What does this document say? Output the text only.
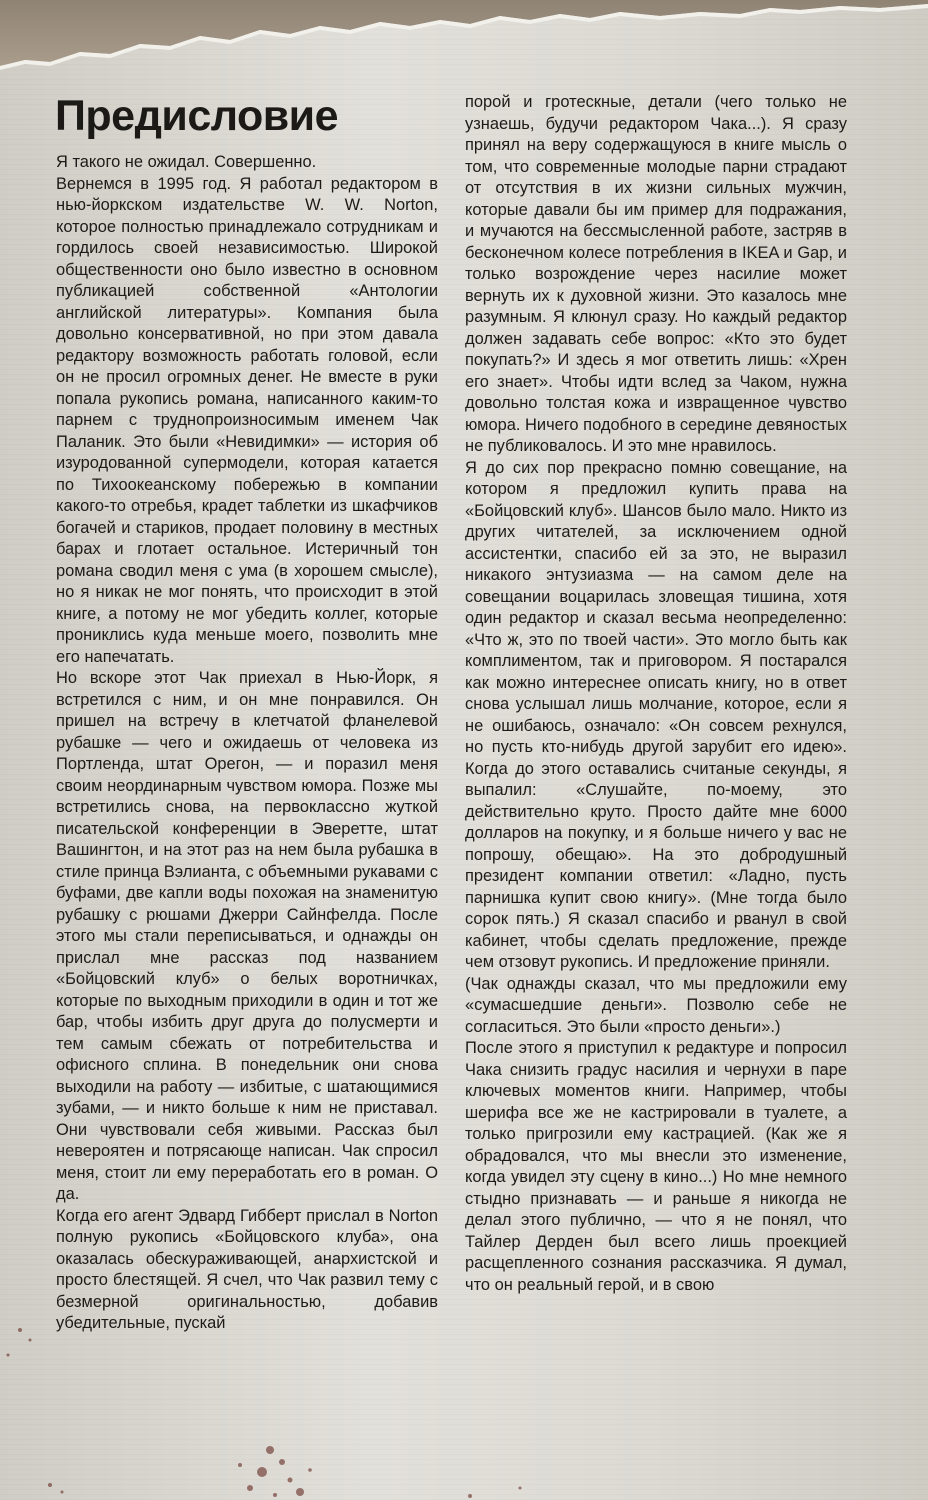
Предисловие

Я такого не ожидал. Совершенно.

Вернемся в 1995 год. Я работал редактором в нью-йоркском издательстве W. W. Norton, которое полностью принадлежало сотрудникам и гордилось своей независимостью. Широкой общественности оно было известно в основном публикацией собственной «Антологии английской литературы». Компания была довольно консервативной, но при этом давала редактору возможность работать головой, если он не просил огромных денег. Не вместе в руки попала рукопись романа, написанного каким-то парнем с труднопроизносимым именем Чак Паланик. Это были «Невидимки» — история об изуродованной супермодели, которая катается по Тихоокеанскому побережью в компании какого-то отребья, крадет таблетки из шкафчиков богачей и стариков, продает половину в местных барах и глотает остальное. Истеричный тон романа сводил меня с ума (в хорошем смысле), но я никак не мог понять, что происходит в этой книге, а потому не мог убедить коллег, которые прониклись куда меньше моего, позволить мне его напечатать.

Но вскоре этот Чак приехал в Нью-Йорк, я встретился с ним, и он мне понравился. Он пришел на встречу в клетчатой фланелевой рубашке — чего и ожидаешь от человека из Портленда, штат Орегон, — и поразил меня своим неординарным чувством юмора. Позже мы встретились снова, на первоклассно жуткой писательской конференции в Эверетте, штат Вашингтон, и на этот раз на нем была рубашка в стиле принца Вэлианта, с объемными рукавами с буфами, две капли воды похожая на знаменитую рубашку с рюшами Джерри Сайнфелда. После этого мы стали переписываться, и однажды он прислал мне рассказ под названием «Бойцовский клуб» о белых воротничках, которые по выходным приходили в один и тот же бар, чтобы избить друг друга до полусмерти и тем самым сбежать от потребительства и офисного сплина. В понедельник они снова выходили на работу — избитые, с шатающимися зубами, — и никто больше к ним не приставал. Они чувствовали себя живыми. Рассказ был невероятен и потрясающе написан. Чак спросил меня, стоит ли ему переработать его в роман. О да.

Когда его агент Эдвард Гибберт прислал в Norton полную рукопись «Бойцовского клуба», она оказалась обескураживающей, анархистской и просто блестящей. Я счел, что Чак развил тему с безмерной оригинальностью, добавив убедительные, пускай

порой и гротескные, детали (чего только не узнаешь, будучи редактором Чака...). Я сразу принял на веру содержащуюся в книге мысль о том, что современные молодые парни страдают от отсутствия в их жизни сильных мужчин, которые давали бы им пример для подражания, и мучаются на бессмысленной работе, застряв в бесконечном колесе потребления в IKEA и Gap, и только возрождение через насилие может вернуть их к духовной жизни. Это казалось мне разумным. Я клюнул сразу. Но каждый редактор должен задавать себе вопрос: «Кто это будет покупать?» И здесь я мог ответить лишь: «Хрен его знает». Чтобы идти вслед за Чаком, нужна довольно толстая кожа и извращенное чувство юмора. Ничего подобного в середине девяностых не публиковалось. И это мне нравилось.

Я до сих пор прекрасно помню совещание, на котором я предложил купить права на «Бойцовский клуб». Шансов было мало. Никто из других читателей, за исключением одной ассистентки, спасибо ей за это, не выразил никакого энтузиазма — на самом деле на совещании воцарилась зловещая тишина, хотя один редактор и сказал весьма неопределенно: «Что ж, это по твоей части». Это могло быть как комплиментом, так и приговором. Я постарался как можно интереснее описать книгу, но в ответ снова услышал лишь молчание, которое, если я не ошибаюсь, означало: «Он совсем рехнулся, но пусть кто-нибудь другой зарубит его идею». Когда до этого оставались считаные секунды, я выпалил: «Слушайте, по-моему, это действительно круто. Просто дайте мне 6000 долларов на покупку, и я больше ничего у вас не попрошу, обещаю». На это добродушный президент компании ответил: «Ладно, пусть парнишка купит свою книгу». (Мне тогда было сорок пять.) Я сказал спасибо и рванул в свой кабинет, чтобы сделать предложение, прежде чем отзовут рукопись. И предложение приняли.

(Чак однажды сказал, что мы предложили ему «сумасшедшие деньги». Позволю себе не согласиться. Это были «просто деньги».)

После этого я приступил к редактуре и попросил Чака снизить градус насилия и чернухи в паре ключевых моментов книги. Например, чтобы шерифа все же не кастрировали в туалете, а только пригрозили ему кастрацией. (Как же я обрадовался, что мы внесли это изменение, когда увидел эту сцену в кино...) Но мне немного стыдно признавать — и раньше я никогда не делал этого публично, — что я не понял, что Тайлер Дерден был всего лишь проекцией расщепленного сознания рассказчика. Я думал, что он реальный герой, и в свою
